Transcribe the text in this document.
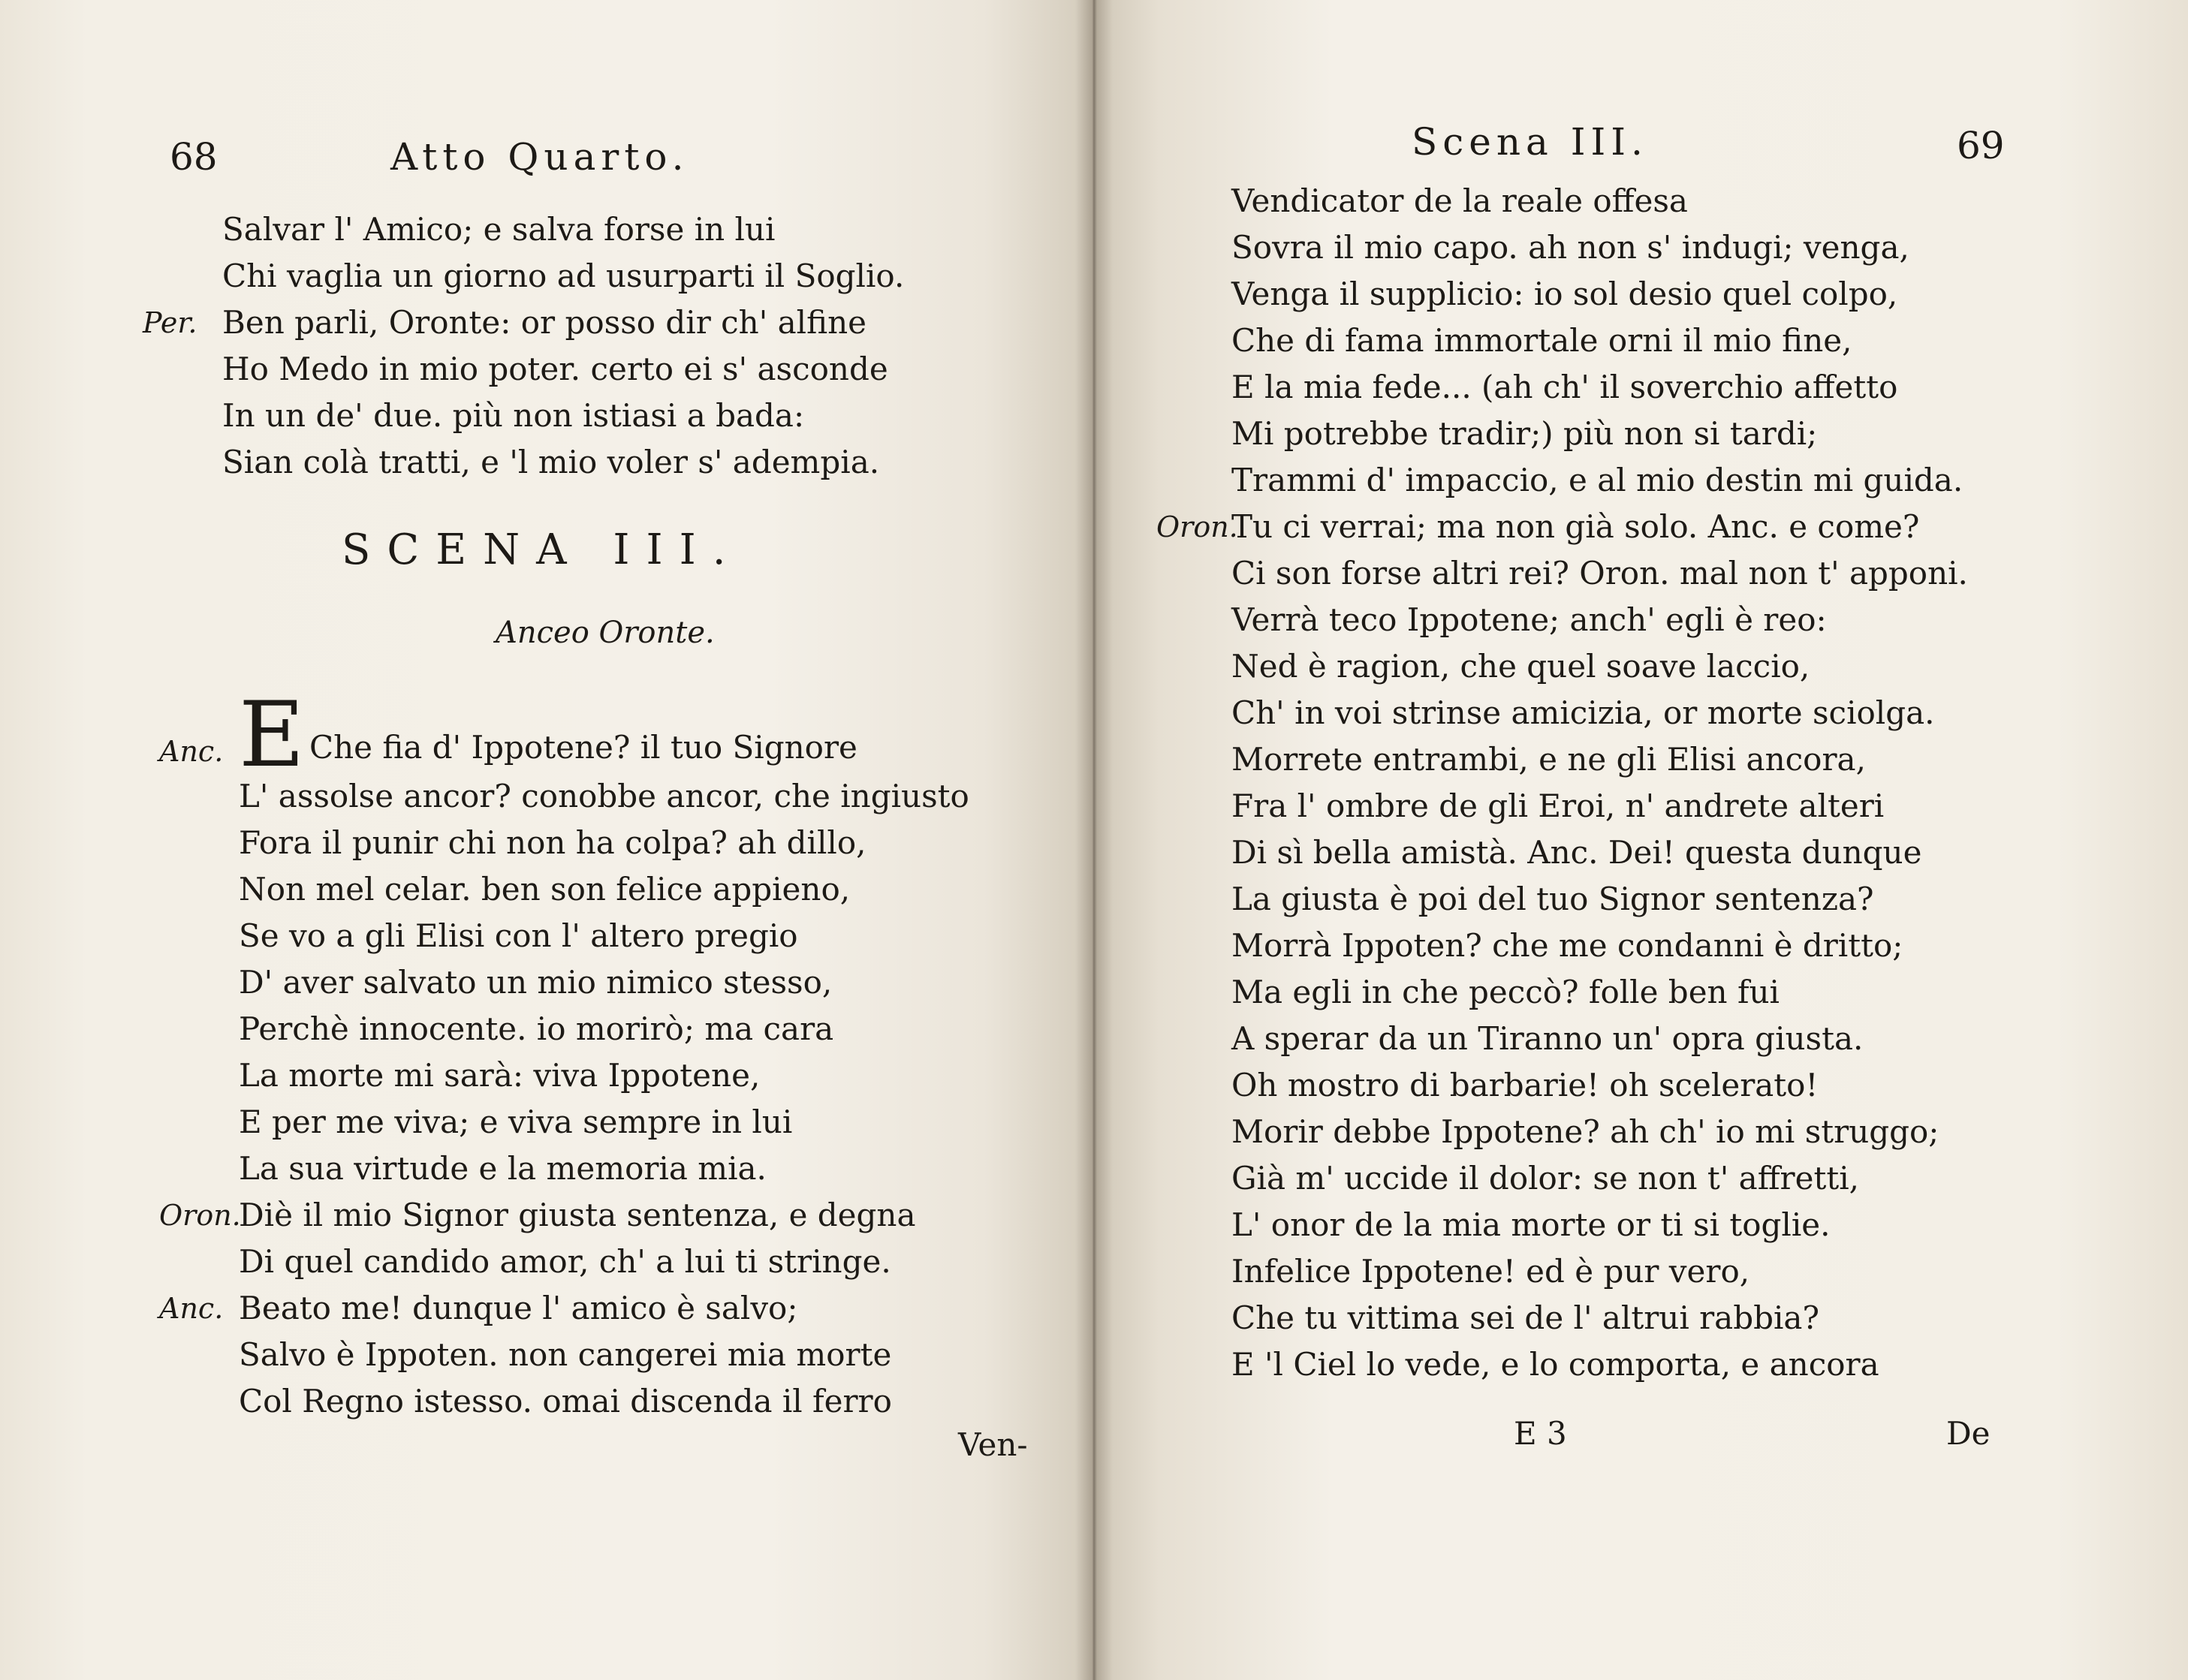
68	Atto Quarto.
Salvar l' Amico; e salva forse in lui
Chi vaglia un giorno ad usurparti il Soglio.
Per. Ben parli, Oronte: or posso dir ch' alfine
Ho Medo in mio poter. certo ei s' asconde
In un de' due. più non istiasi a bada:
Sian colà tratti, e 'l mio voler s' adempia.
SCENA III.
Anceo Oronte.
Anc. E Che fia d' Ippotene? il tuo Signore
L' assolse ancor? conobbe ancor, che ingiusto
Fora il punir chi non ha colpa? ah dillo,
Non mel celar. ben son felice appieno,
Se vo a gli Elisi con l' altero pregio
D' aver salvato un mio nimico stesso,
Perchè innocente. io morirò; ma cara
La morte mi sarà: viva Ippotene,
E per me viva; e viva sempre in lui
La sua virtude e la memoria mia.
Oron.
Diè il mio Signor giusta sentenza, e degna
Di quel candido amor, ch' a lui ti stringe.
Anc. Beato me! dunque l' amico è salvo;
Salvo è Ippoten. non cangerei mia morte
Col Regno istesso. omai discenda il ferro
Ven-
Scena III.	69
Vendicator de la reale offesa
Sovra il mio capo. ah non s' indugi; venga,
Venga il supplicio: io sol desio quel colpo,
Che di fama immortale orni il mio fine,
E la mia fede... (ah ch' il soverchio affetto
Mi potrebbe tradir;) più non si tardi;
Trammi d' impaccio, e al mio destin mi guida.
Oron.
Tu ci verrai; ma non già solo. Anc. e come?
Ci son forse altri rei? Oron. mal non t' apponi.
Verrà teco Ippotene; anch' egli è reo:
Ned è ragion, che quel soave laccio,
Ch' in voi strinse amicizia, or morte sciolga.
Morrete entrambi, e ne gli Elisi ancora,
Fra l' ombre de gli Eroi, n' andrete alteri
Di sì bella amistà. Anc. Dei! questa dunque
La giusta è poi del tuo Signor sentenza?
Morrà Ippoten? che me condanni è dritto;
Ma egli in che peccò? folle ben fui
A sperar da un Tiranno un' opra giusta.
Oh mostro di barbarie! oh scelerato!
Morir debbe Ippotene? ah ch' io mi struggo;
Già m' uccide il dolor: se non t' affretti,
L' onor de la mia morte or ti si toglie.
Infelice Ippotene! ed è pur vero,
Che tu vittima sei de l' altrui rabbia?
E 'l Ciel lo vede, e lo comporta, e ancora
E 3	De
